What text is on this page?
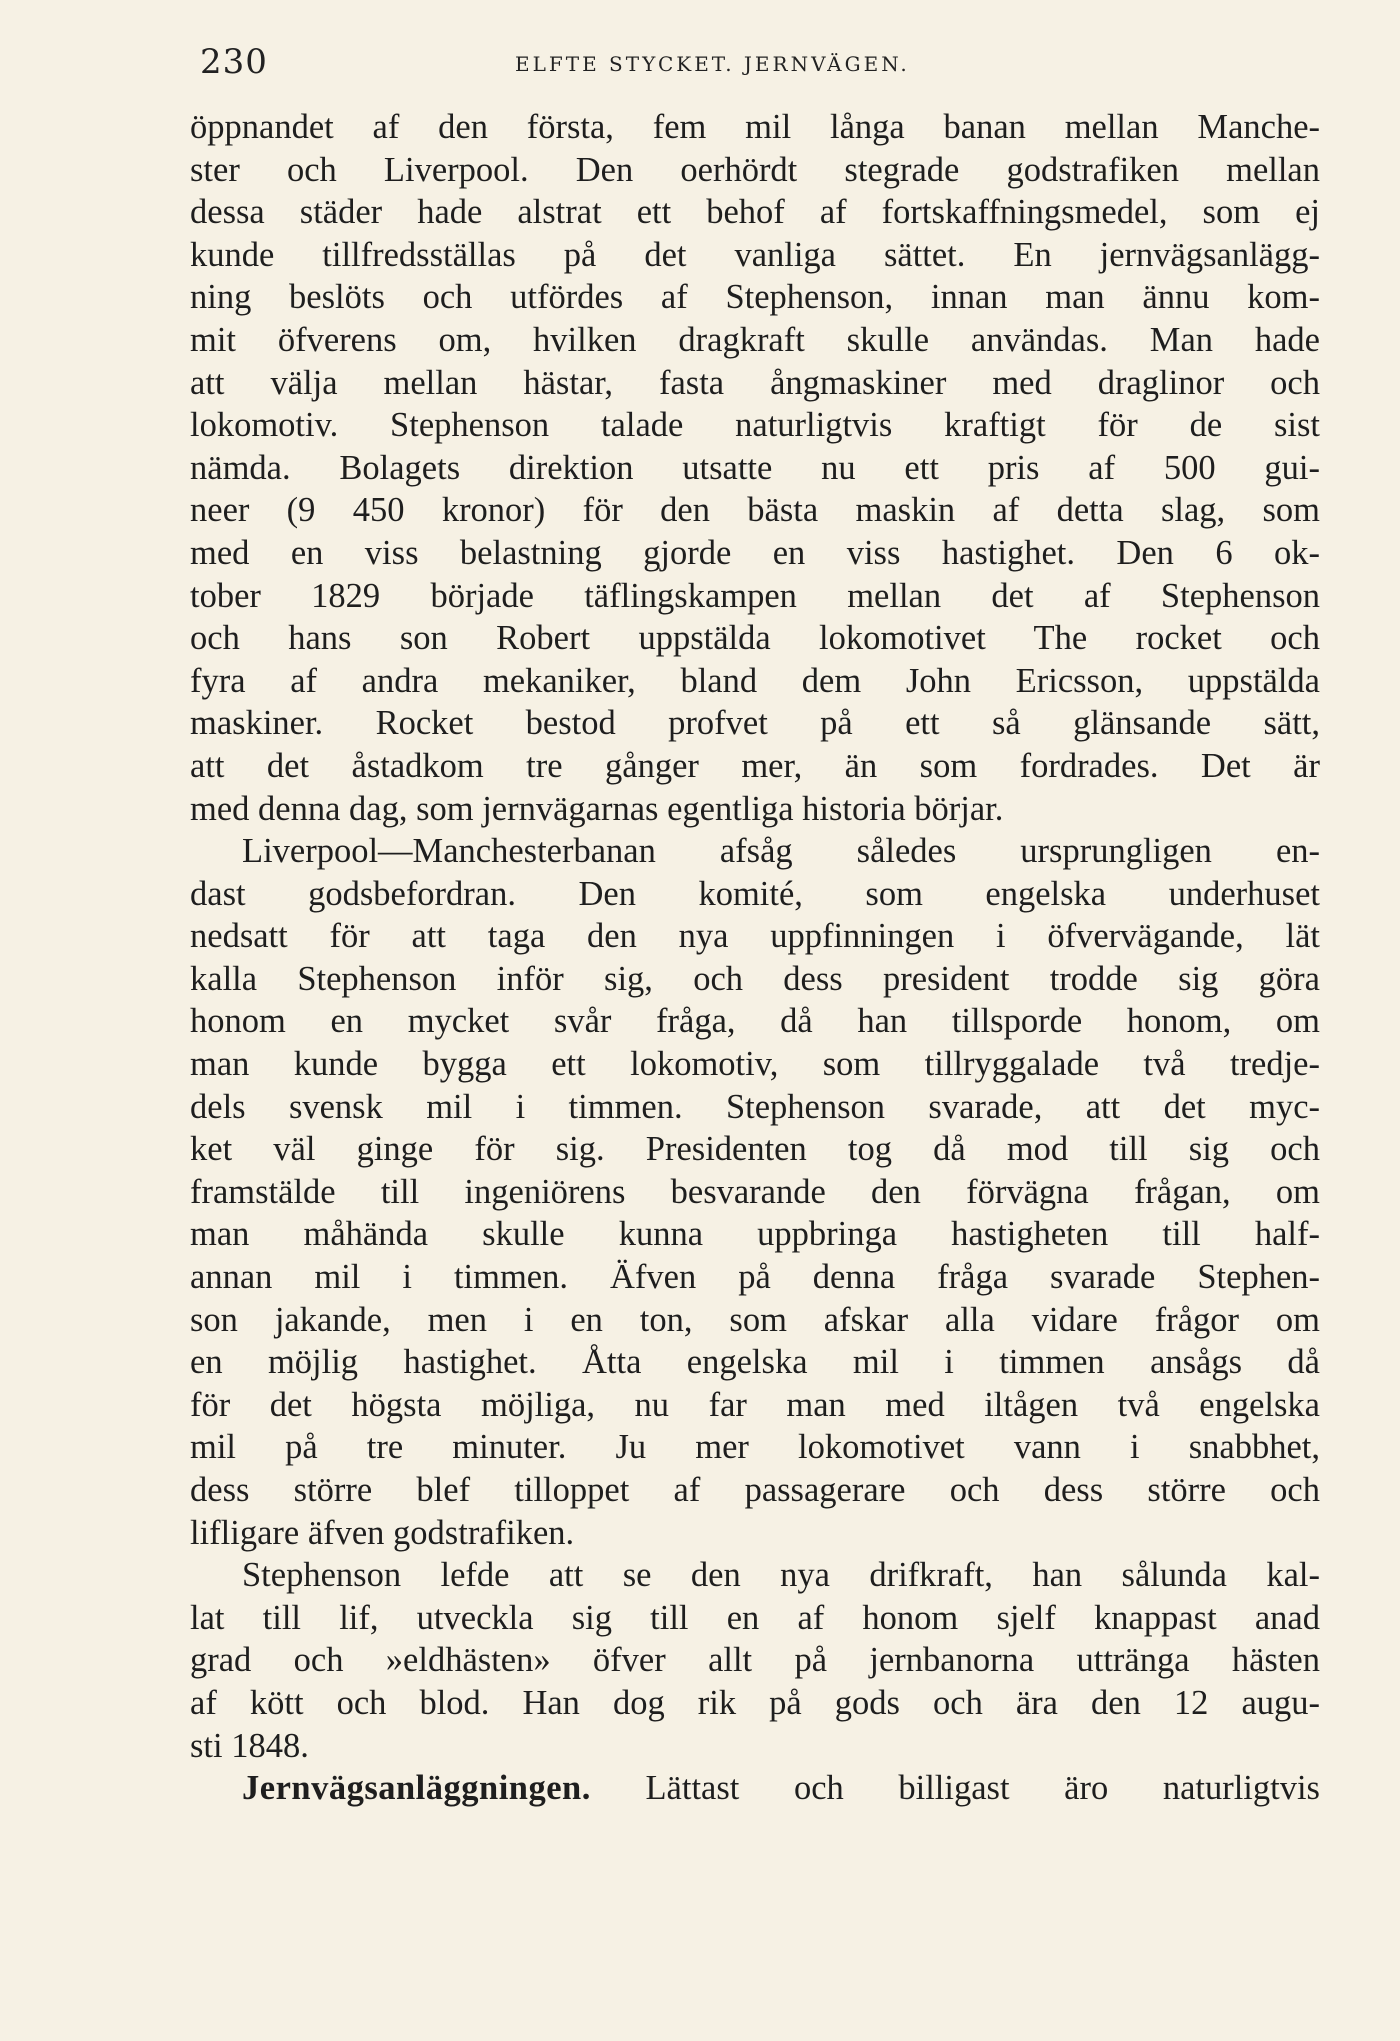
230	ELFTE STYCKET. JERNVÄGEN.
öppnandet af den första, fem mil långa banan mellan Manche-
ster och Liverpool. Den oerhördt stegrade godstrafiken mellan
dessa städer hade alstrat ett behof af fortskaffningsmedel, som ej
kunde tillfredsställas på det vanliga sättet. En jernvägsanlägg-
ning beslöts och utfördes af Stephenson, innan man ännu kom-
mit öfverens om, hvilken dragkraft skulle användas. Man hade
att välja mellan hästar, fasta ångmaskiner med draglinor och
lokomotiv. Stephenson talade naturligtvis kraftigt för de sist
nämda. Bolagets direktion utsatte nu ett pris af 500 gui-
neer (9 450 kronor) för den bästa maskin af detta slag, som
med en viss belastning gjorde en viss hastighet. Den 6 ok-
tober 1829 började täflingskampen mellan det af Stephenson
och hans son Robert uppstälda lokomotivet The rocket och
fyra af andra mekaniker, bland dem John Ericsson, uppstälda
maskiner. Rocket bestod profvet på ett så glänsande sätt,
att det åstadkom tre gånger mer, än som fordrades. Det är
med denna dag, som jernvägarnas egentliga historia börjar.
Liverpool—Manchesterbanan afsåg således ursprungligen en-
dast godsbefordran. Den komité, som engelska underhuset
nedsatt för att taga den nya uppfinningen i öfvervägande, lät
kalla Stephenson inför sig, och dess president trodde sig göra
honom en mycket svår fråga, då han tillsporde honom, om
man kunde bygga ett lokomotiv, som tillryggalade två tredje-
dels svensk mil i timmen. Stephenson svarade, att det myc-
ket väl ginge för sig. Presidenten tog då mod till sig och
framstälde till ingeniörens besvarande den förvägna frågan, om
man måhända skulle kunna uppbringa hastigheten till half-
annan mil i timmen. Äfven på denna fråga svarade Stephen-
son jakande, men i en ton, som afskar alla vidare frågor om
en möjlig hastighet. Åtta engelska mil i timmen ansågs då
för det högsta möjliga, nu far man med iltågen två engelska
mil på tre minuter. Ju mer lokomotivet vann i snabbhet,
dess större blef tilloppet af passagerare och dess större och
lifligare äfven godstrafiken.
Stephenson lefde att se den nya drifkraft, han sålunda kal-
lat till lif, utveckla sig till en af honom sjelf knappast anad
grad och »eldhästen» öfver allt på jernbanorna uttränga hästen
af kött och blod. Han dog rik på gods och ära den 12 augu-
sti 1848.
Jernvägsanläggningen. Lättast och billigast äro naturligtvis
